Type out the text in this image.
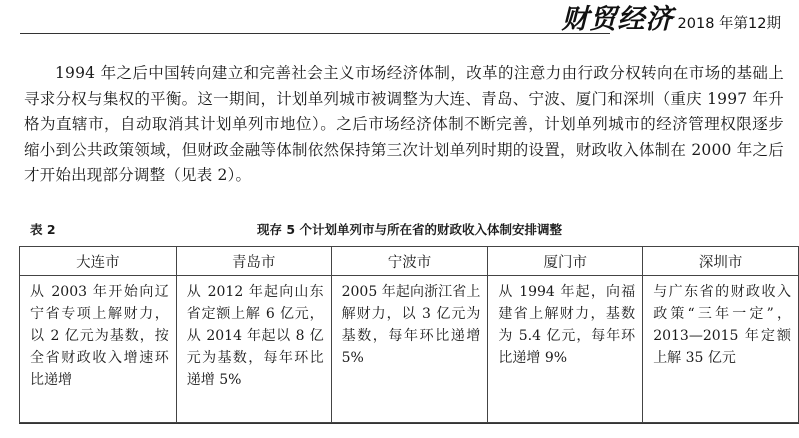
财贸经济 2018 年第12期

1994 年之后中国转向建立和完善社会主义市场经济体制，改革的注意力由行政分权转向在市场的基础上寻求分权与集权的平衡。这一期间，计划单列城市被调整为大连、青岛、宁波、厦门和深圳（重庆 1997 年升格为直辖市，自动取消其计划单列市地位）。之后市场经济体制不断完善，计划单列城市的经济管理权限逐步缩小到公共政策领域，但财政金融等体制依然保持第三次计划单列时期的设置，财政收入体制在 2000 年之后才开始出现部分调整（见表 2）。

表 2	现存 5 个计划单列市与所在省的财政收入体制安排调整
大连市	青岛市	宁波市	厦门市	深圳市
从 2003 年开始向辽宁省专项上解财力，以 2 亿元为基数，按全省财政收入增速环比递增	从 2012 年起向山东省定额上解 6 亿元，从 2014 年起以 8 亿元为基数，每年环比递增 5%	2005 年起向浙江省上解财力，以 3 亿元为基数，每年环比递增 5%	从 1994 年起，向福建省上解财力，基数为 5.4 亿元，每年环比递增 9%	与广东省的财政收入政策“三年一定”，2013—2015 年定额上解 35 亿元
